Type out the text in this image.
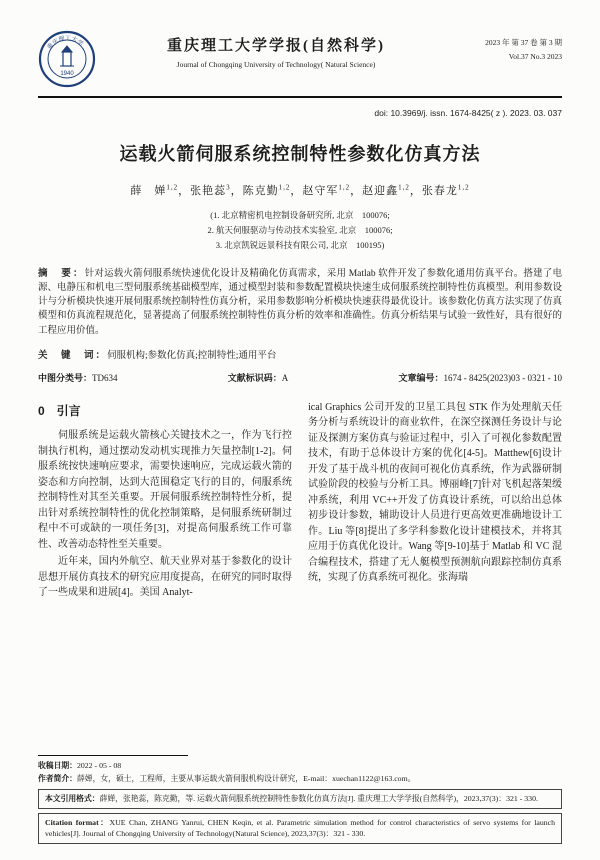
重庆理工大学
1940
重庆理工大学学报(自然科学)
Journal of Chongqing University of Technology( Natural Science)
2023 年 第 37 卷 第 3 期
Vol.37 No.3 2023
doi: 10.3969/j. issn. 1674-8425( z ). 2023. 03. 037
运载火箭伺服系统控制特性参数化仿真方法
薛　婵$^{1,2}$ ， 张艳蕊$^3$ ， 陈克勤$^{1,2}$ ， 赵守军$^{1,2}$ ， 赵迎鑫$^{1,2}$ ， 张春龙$^{1,2}$
(1. 北京精密机电控制设备研究所, 北京　100076;
2. 航天伺服驱动与传动技术实验室, 北京　100076;
3. 北京凯锐远景科技有限公司, 北京　100195)

摘　要：针对运载火箭伺服系统快速优化设计及精确化仿真需求，采用 Matlab 软件开发了参数化通用仿真平台。搭建了电源、电静压和机电三型伺服系统基础模型库，通过模型封装和参数配置模块快速生成伺服系统控制特性仿真模型。利用参数设计与分析模块快速开展伺服系统控制特性仿真分析，采用参数影响分析模块快速获得最优设计。该参数化仿真方法实现了仿真模型和仿真流程规范化，显著提高了伺服系统控制特性仿真分析的效率和准确性。仿真分析结果与试验一致性好，具有很好的工程应用价值。

关　键　词：伺服机构;参数化仿真;控制特性;通用平台

中图分类号：TD634	文献标识码：A	文章编号：1674 - 8425(2023)03 - 0321 - 10
0　引言

伺服系统是运载火箭核心关键技术之一，作为飞行控制执行机构，通过摆动发动机实现推力矢量控制[1-2]。伺服系统按快速响应要求，需要快速响应，完成运载火箭的姿态和方向控制，达到大范围稳定飞行的目的，伺服系统控制特性对其至关重要。开展伺服系统控制特性分析，提出针对系统控制特性的优化控制策略，是伺服系统研制过程中不可或缺的一项任务[3]，对提高伺服系统工作可靠性、改善动态特性至关重要。

近年来，国内外航空、航天业界对基于参数化的设计思想开展仿真技术的研究应用度提高，在研究的同时取得了一些成果和进展[4]。美国 Analyt-

ical Graphics 公司开发的卫星工具包 STK 作为处理航天任务分析与系统设计的商业软件，在深空探测任务设计与论证及探测方案仿真与验证过程中，引入了可视化参数配置技术，有助于总体设计方案的优化[4-5]。Matthew[6]设计开发了基于战斗机的夜间可视化仿真系统，作为武器研制试验阶段的校验与分析工具。博丽峰[7]针对飞机起落架缓冲系统，利用 VC++开发了仿真设计系统，可以给出总体初步设计参数，辅助设计人员进行更高效更准确地设计工作。Liu 等[8]提出了多学科参数化设计建模技术，并将其应用于仿真优化设计。Wang 等[9-10]基于 Matlab 和 VC 混合编程技术，搭建了无人艇模型预测航向跟踪控制仿真系统，实现了仿真系统可视化。张海瑞

收稿日期：2022 - 05 - 08
作者简介：薛婵，女，硕士，工程师，主要从事运载火箭伺服机构设计研究，E-mail：xuechan1122@163.com。
本文引用格式：薛婵，张艳蕊，陈克勤，等. 运载火箭伺服系统控制特性参数化仿真方法[J]. 重庆理工大学学报(自然科学)，2023,37(3)：321 - 330.
Citation format：XUE Chan, ZHANG Yanrui, CHEN Keqin, et al. Parametric simulation method for control characteristics of servo systems for launch vehicles[J]. Journal of Chongqing University of Technology(Natural Science), 2023,37(3)：321 - 330.
